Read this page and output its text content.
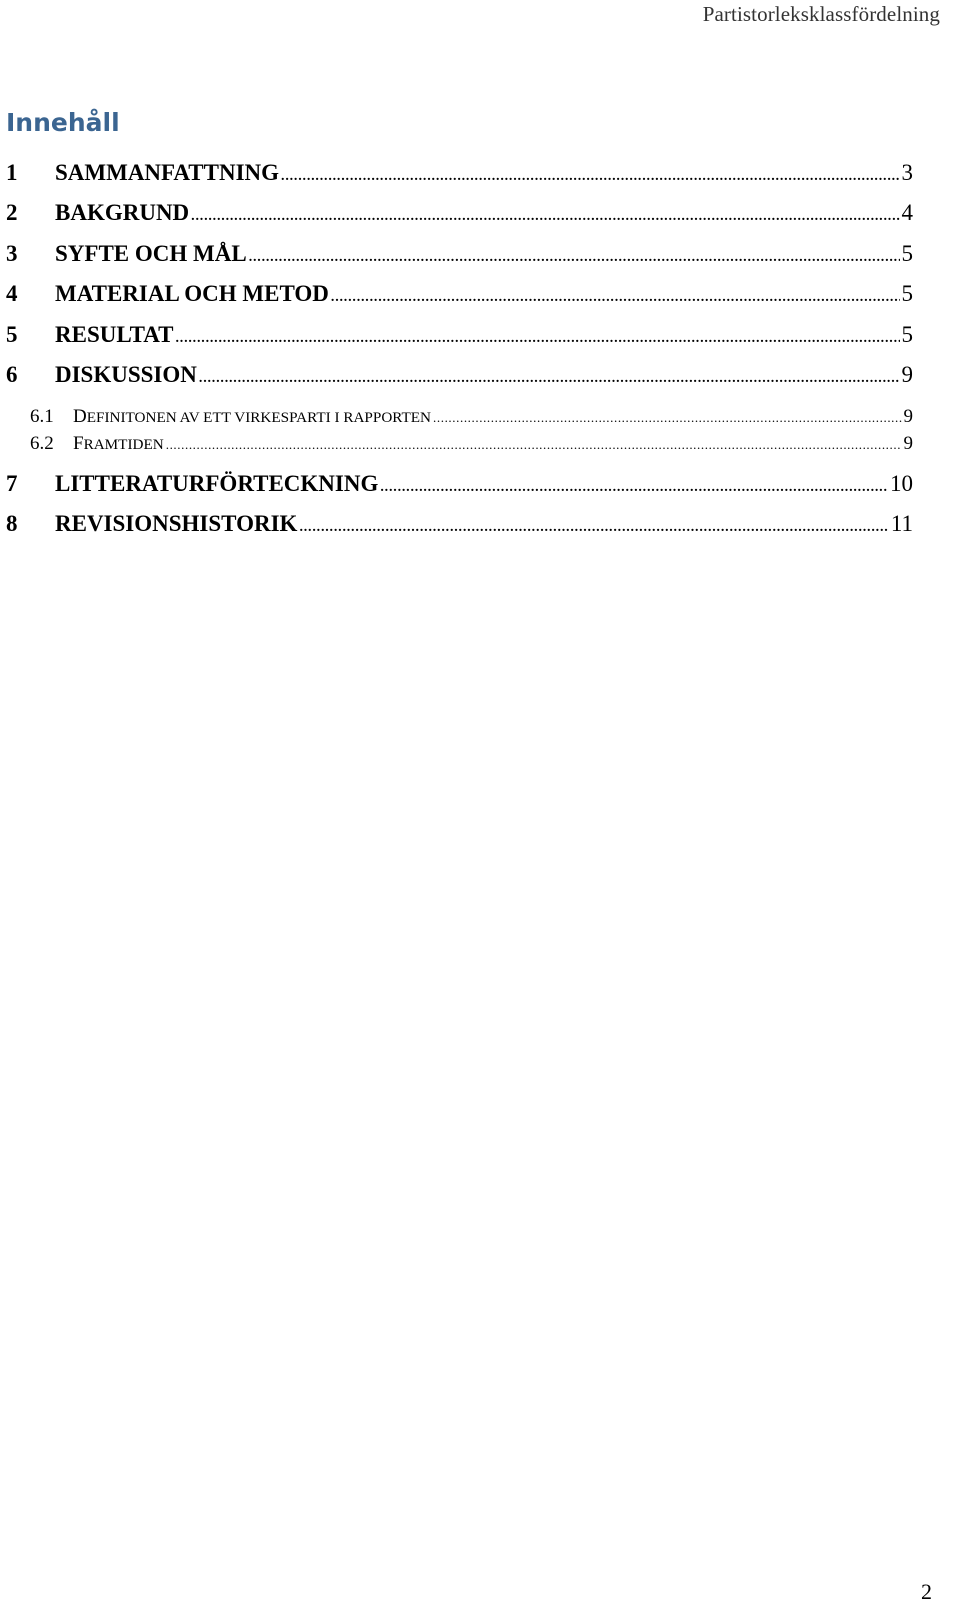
Partistorleksklassfördelning
Innehåll
1	SAMMANFATTNING .....	3
2	BAKGRUND .....	4
3	SYFTE OCH MÅL .....	5
4	MATERIAL OCH METOD .....	5
5	RESULTAT .....	5
6	DISKUSSION .....	9
6.1	DEFINITONEN AV ETT VIRKESPARTI I RAPPORTEN .....	9
6.2	FRAMTIDEN .....	9
7	LITTERATURFÖRTECKNING .....	10
8	REVISIONSHISTORIK .....	11
2
